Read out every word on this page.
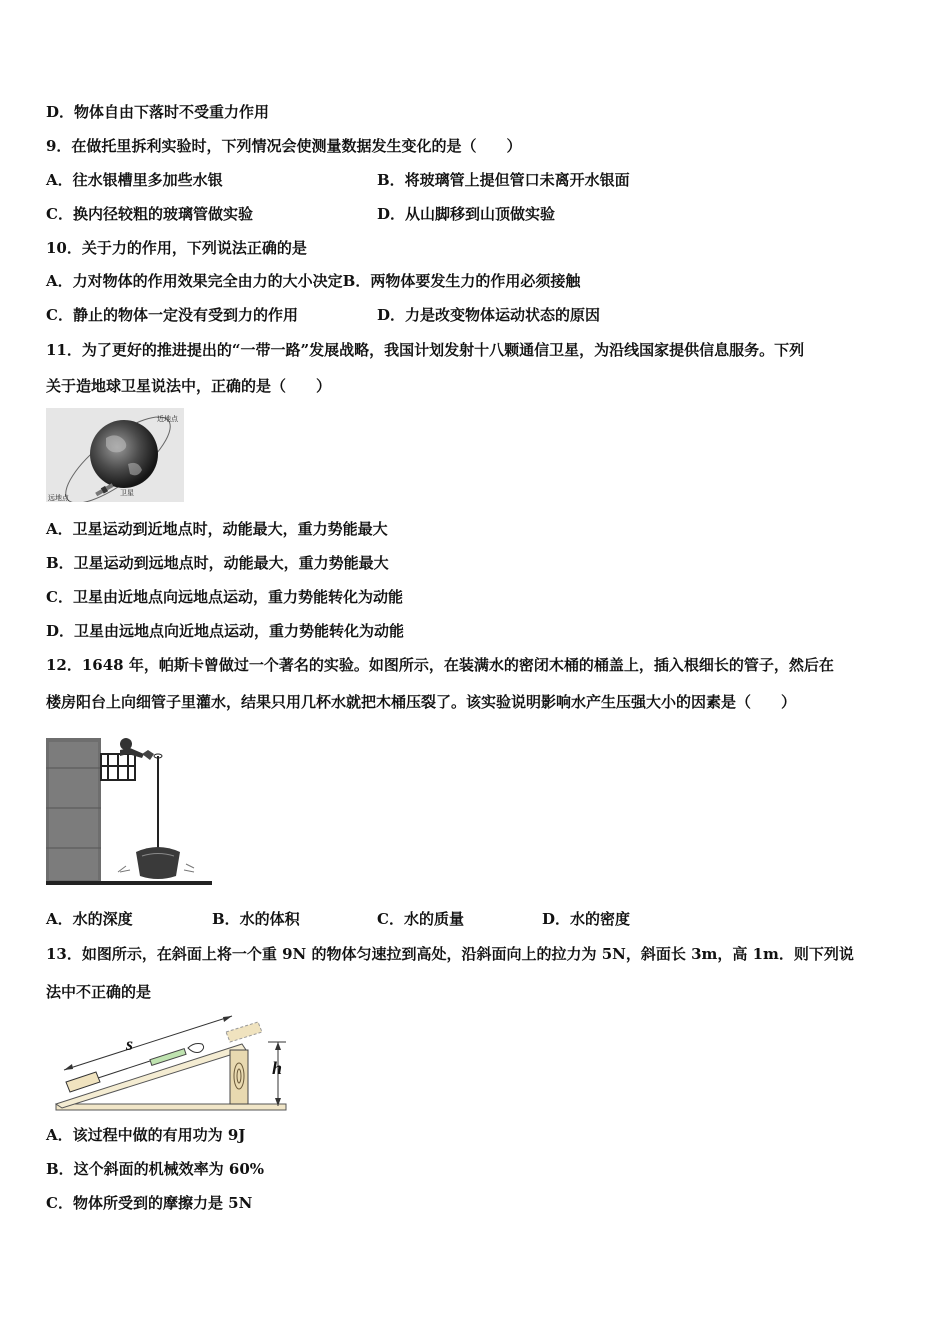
D．物体自由下落时不受重力作用
9．在做托里拆利实验时，下列情况会使测量数据发生变化的是（　　）
A．往水银槽里多加些水银	B．将玻璃管上提但管口未离开水银面
C．换内径较粗的玻璃管做实验	D．从山脚移到山顶做实验
10．关于力的作用，下列说法正确的是
A．力对物体的作用效果完全由力的大小决定B．两物体要发生力的作用必须接触
C．静止的物体一定没有受到力的作用	D．力是改变物体运动状态的原因
11．为了更好的推进提出的“一带一路”发展战略，我国计划发射十八颗通信卫星，为沿线国家提供信息服务。下列
关于造地球卫星说法中，正确的是（　　）
近地点
远地点
卫星
A．卫星运动到近地点时，动能最大，重力势能最大
B．卫星运动到远地点时，动能最大，重力势能最大
C．卫星由近地点向远地点运动，重力势能转化为动能
D．卫星由远地点向近地点运动，重力势能转化为动能
12．1648 年，帕斯卡曾做过一个著名的实验。如图所示，在装满水的密闭木桶的桶盖上，插入根细长的管子，然后在
楼房阳台上向细管子里灌水，结果只用几杯水就把木桶压裂了。该实验说明影响水产生压强大小的因素是（　　）
A．水的深度	B．水的体积	C．水的质量	D．水的密度
13．如图所示，在斜面上将一个重 9N 的物体匀速拉到高处，沿斜面向上的拉力为 5N，斜面长 3m，高 1m．则下列说
法中不正确的是
s
h
A．该过程中做的有用功为 9J
B．这个斜面的机械效率为 60%
C．物体所受到的摩擦力是 5N
